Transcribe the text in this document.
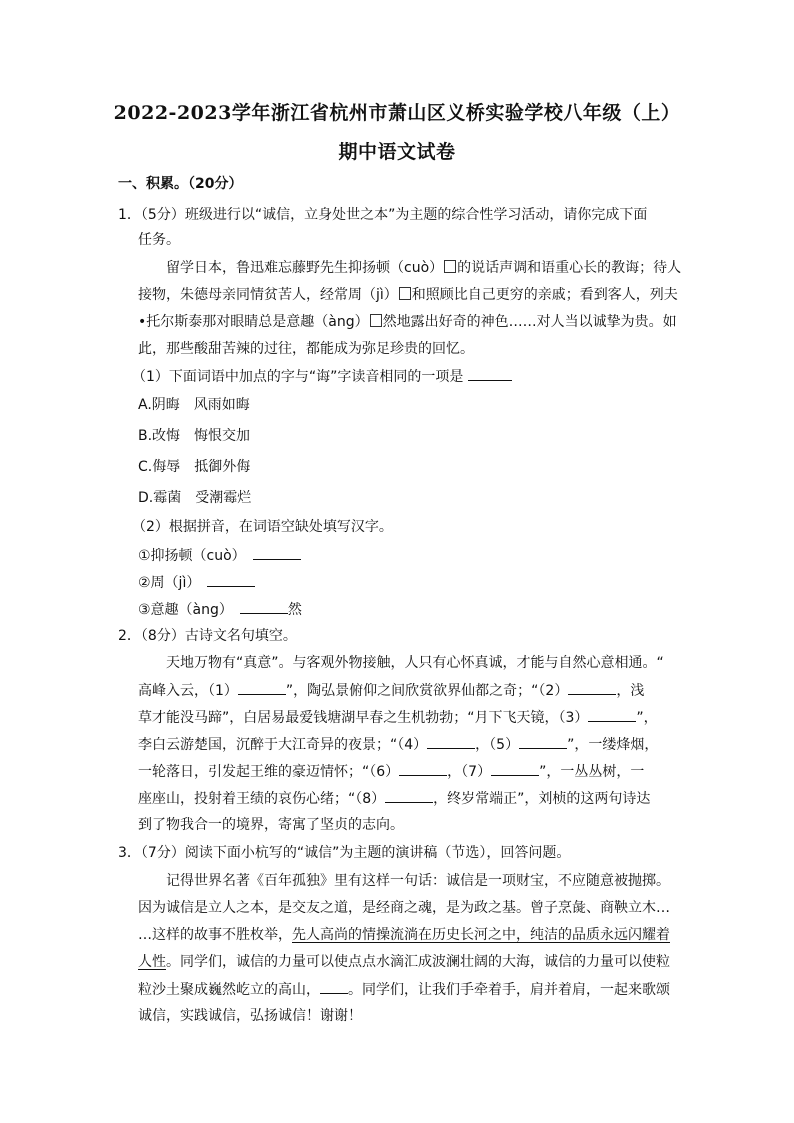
2022-2023学年浙江省杭州市萧山区义桥实验学校八年级（上）
期中语文试卷
一、积累。（20分）
1．（5分）班级进行以“诚信，立身处世之本”为主题的综合性学习活动，请你完成下面
任务。
留学日本，鲁迅难忘藤野先生抑扬顿（cuò） 的说话声调和语重心长的教诲；待人
接物，朱德母亲同情贫苦人，经常周（jì） 和照顾比自己更穷的亲戚；看到客人，列夫
•托尔斯泰那对眼睛总是意趣（àng） 然地露出好奇的神色……对人当以诚挚为贵。如
此，那些酸甜苦辣的过往，都能成为弥足珍贵的回忆。
（1）下面词语中加点的字与“诲”字读音相同的一项是
A.阴晦　风雨如晦
B.改悔　悔恨交加
C.侮辱　抵御外侮
D.霉菌　受潮霉烂
（2）根据拼音，在词语空缺处填写汉字。
①抑扬顿（cuò）　
②周（jì）　
③意趣（àng）　	然
2．（8分）古诗文名句填空。
天地万物有“真意”。与客观外物接触，人只有心怀真诚，才能与自然心意相通。“
高峰入云，（1）	”，陶弘景俯仰之间欣赏欲界仙都之奇；“（2）	，浅
草才能没马蹄”，白居易最爱钱塘湖早春之生机勃勃；“月下飞天镜，（3）	”，
李白云游楚国，沉醉于大江奇异的夜景；“（4）	，（5）	”，一缕烽烟，
一轮落日，引发起王维的豪迈情怀；“（6）	，（7）	”，一丛丛树，一
座座山，投射着王绩的哀伤心绪；“（8）	，终岁常端正”，刘桢的这两句诗达
到了物我合一的境界，寄寓了坚贞的志向。
3．（7分）阅读下面小杭写的“诚信”为主题的演讲稿（节选），回答问题。
记得世界名著《百年孤独》里有这样一句话：诚信是一项财宝，不应随意被抛掷。
因为诚信是立人之本，是交友之道，是经商之魂，是为政之基。曾子烹彘、商鞅立木…
…这样的故事不胜枚举，先人高尚的情操流淌在历史长河之中，纯洁的品质永远闪耀着
人性。同学们，诚信的力量可以使点点水滴汇成波澜壮阔的大海，诚信的力量可以使粒
粒沙土聚成巍然屹立的高山， 。同学们，让我们手牵着手，肩并着肩，一起来歌颂
诚信，实践诚信，弘扬诚信！谢谢！
